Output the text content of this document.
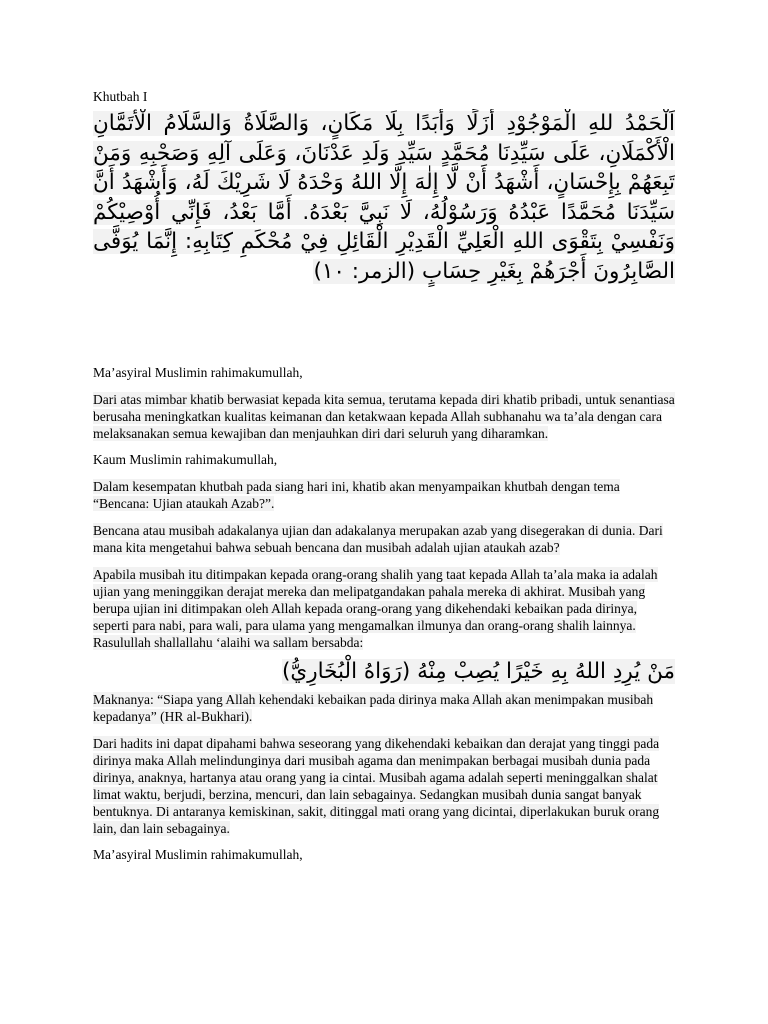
Khutbah I

اَلْحَمْدُ للهِ الْمَوْجُوْدِ أَزَلًا وَأَبَدًا بِلَا مَكَانٍ، وَالصَّلَاةُ وَالسَّلَامُ الْأَتَمَّانِ الْأَكْمَلَانِ، عَلَى سَيِّدِنَا مُحَمَّدٍ سَيِّدِ وَلَدِ عَدْنَانَ، وَعَلَى آلِهِ وَصَحْبِهِ وَمَنْ تَبِعَهُمْ بِإِحْسَانٍ، أَشْهَدُ أَنْ لَّا إِلٰهَ إِلَّا اللهُ وَحْدَهُ لَا شَرِيْكَ لَهُ، وَأَشْهَدُ أَنَّ سَيِّدَنَا مُحَمَّدًا عَبْدُهُ وَرَسُوْلُهُ، لَا نَبِيَّ بَعْدَهُ. أَمَّا بَعْدُ، فَإِنِّي أُوْصِيْكُمْ وَنَفْسِيْ بِتَقْوَى اللهِ الْعَلِيِّ الْقَدِيْرِ الْقَائِلِ فِيْ مُحْكَمِ كِتَابِهِ: إِنَّمَا يُوَفَّى الصَّابِرُونَ أَجْرَهُمْ بِغَيْرِ حِسَابٍ (الزمر: ١٠)

Ma’asyiral Muslimin rahimakumullah,

Dari atas mimbar khatib berwasiat kepada kita semua, terutama kepada diri khatib pribadi, untuk senantiasa berusaha meningkatkan kualitas keimanan dan ketakwaan kepada Allah subhanahu wa ta’ala dengan cara melaksanakan semua kewajiban dan menjauhkan diri dari seluruh yang diharamkan.

Kaum Muslimin rahimakumullah,

Dalam kesempatan khutbah pada siang hari ini, khatib akan menyampaikan khutbah dengan tema “Bencana: Ujian ataukah Azab?”.

Bencana atau musibah adakalanya ujian dan adakalanya merupakan azab yang disegerakan di dunia. Dari mana kita mengetahui bahwa sebuah bencana dan musibah adalah ujian ataukah azab?

Apabila musibah itu ditimpakan kepada orang-orang shalih yang taat kepada Allah ta’ala maka ia adalah ujian yang meninggikan derajat mereka dan melipatgandakan pahala mereka di akhirat. Musibah yang berupa ujian ini ditimpakan oleh Allah kepada orang-orang yang dikehendaki kebaikan pada dirinya, seperti para nabi, para wali, para ulama yang mengamalkan ilmunya dan orang-orang shalih lainnya. Rasulullah shallallahu ‘alaihi wa sallam bersabda:

مَنْ يُرِدِ اللهُ بِهِ خَيْرًا يُصِبْ مِنْهُ (رَوَاهُ الْبُخَارِيُّ)

Maknanya: “Siapa yang Allah kehendaki kebaikan pada dirinya maka Allah akan menimpakan musibah kepadanya” (HR al-Bukhari).

Dari hadits ini dapat dipahami bahwa seseorang yang dikehendaki kebaikan dan derajat yang tinggi pada dirinya maka Allah melindunginya dari musibah agama dan menimpakan berbagai musibah dunia pada dirinya, anaknya, hartanya atau orang yang ia cintai. Musibah agama adalah seperti meninggalkan shalat limat waktu, berjudi, berzina, mencuri, dan lain sebagainya. Sedangkan musibah dunia sangat banyak bentuknya. Di antaranya kemiskinan, sakit, ditinggal mati orang yang dicintai, diperlakukan buruk orang lain, dan lain sebagainya.

Ma’asyiral Muslimin rahimakumullah,
